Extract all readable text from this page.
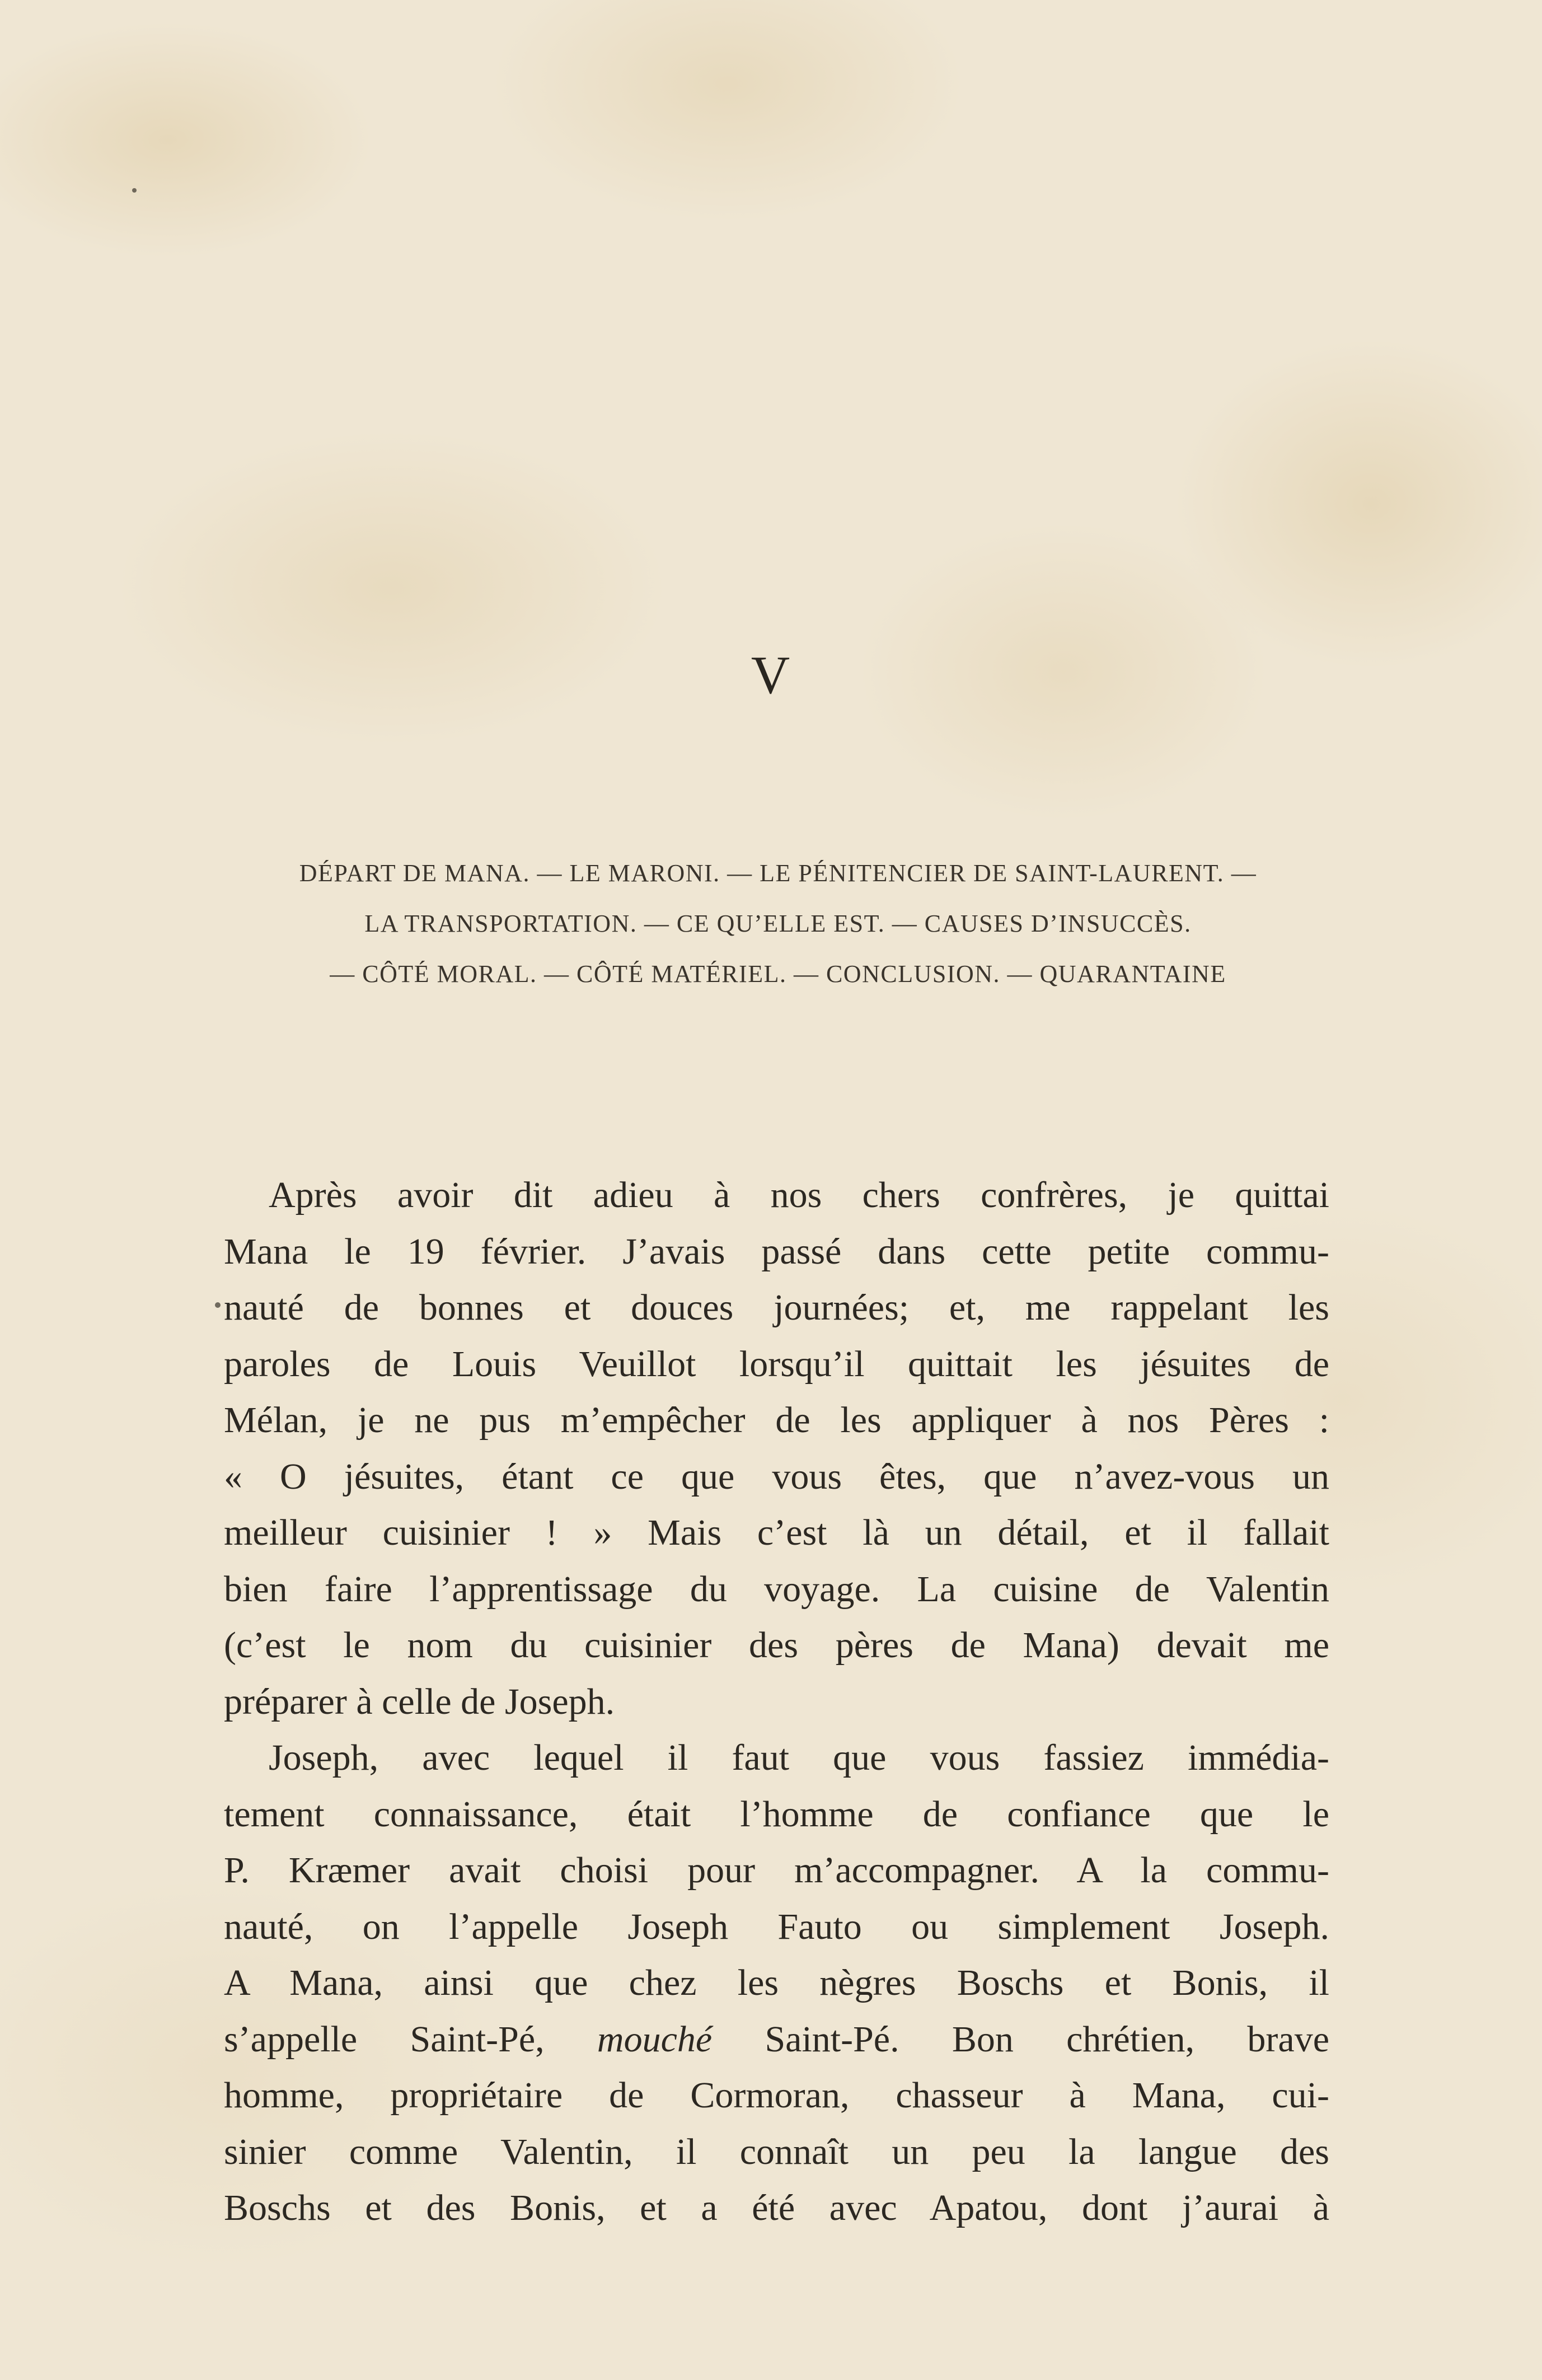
V
DÉPART DE MANA. — LE MARONI. — LE PÉNITENCIER DE SAINT-LAURENT. —
LA TRANSPORTATION. — CE QU’ELLE EST. — CAUSES D’INSUCCÈS.
— CÔTÉ MORAL. — CÔTÉ MATÉRIEL. — CONCLUSION. — QUARANTAINE

Après avoir dit adieu à nos chers confrères, je quittai
Mana le 19 février. J’avais passé dans cette petite commu-
nauté de bonnes et douces journées; et, me rappelant les
paroles de Louis Veuillot lorsqu’il quittait les jésuites de
Mélan, je ne pus m’empêcher de les appliquer à nos Pères :
« O jésuites, étant ce que vous êtes, que n’avez-vous un
meilleur cuisinier ! » Mais c’est là un détail, et il fallait
bien faire l’apprentissage du voyage. La cuisine de Valentin
(c’est le nom du cuisinier des pères de Mana) devait me
préparer à celle de Joseph.

Joseph, avec lequel il faut que vous fassiez immédia-
tement connaissance, était l’homme de confiance que le
P. Kræmer avait choisi pour m’accompagner. A la commu-
nauté, on l’appelle Joseph Fauto ou simplement Joseph.
A Mana, ainsi que chez les nègres Boschs et Bonis, il
s’appelle Saint-Pé, mouché Saint-Pé. Bon chrétien, brave
homme, propriétaire de Cormoran, chasseur à Mana, cui-
sinier comme Valentin, il connaît un peu la langue des
Boschs et des Bonis, et a été avec Apatou, dont j’aurai à
